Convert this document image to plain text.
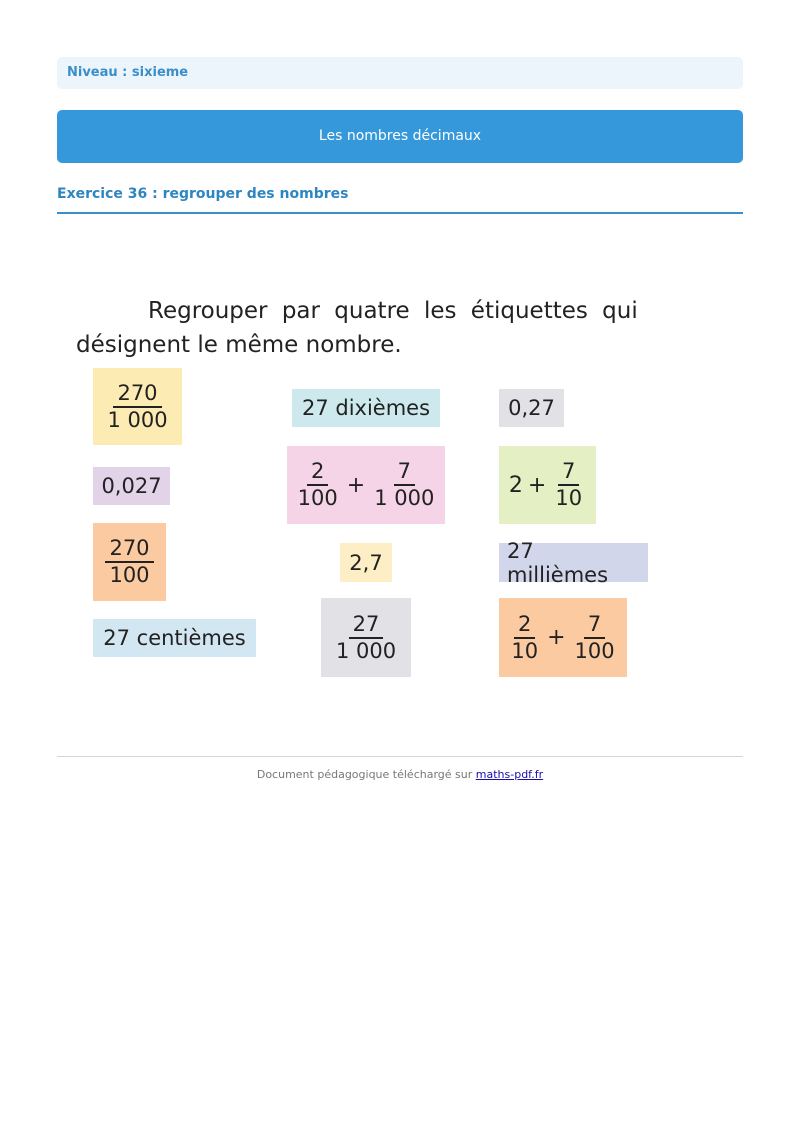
Niveau : sixieme
Les nombres décimaux
Exercice 36 : regrouper des nombres
Regrouper par quatre les étiquettes qui
désignent le même nombre.
$\frac{270}{1 000}$
0,027
$\frac{270}{100}$
27 centièmes
27 dixièmes
$\frac{2}{100} + \frac{7}{1 000}$
2,7
$\frac{27}{1 000}$
0,27
$2 + \frac{7}{10}$
27 millièmes
$\frac{2}{10} + \frac{7}{100}$
Document pédagogique téléchargé sur maths-pdf.fr
